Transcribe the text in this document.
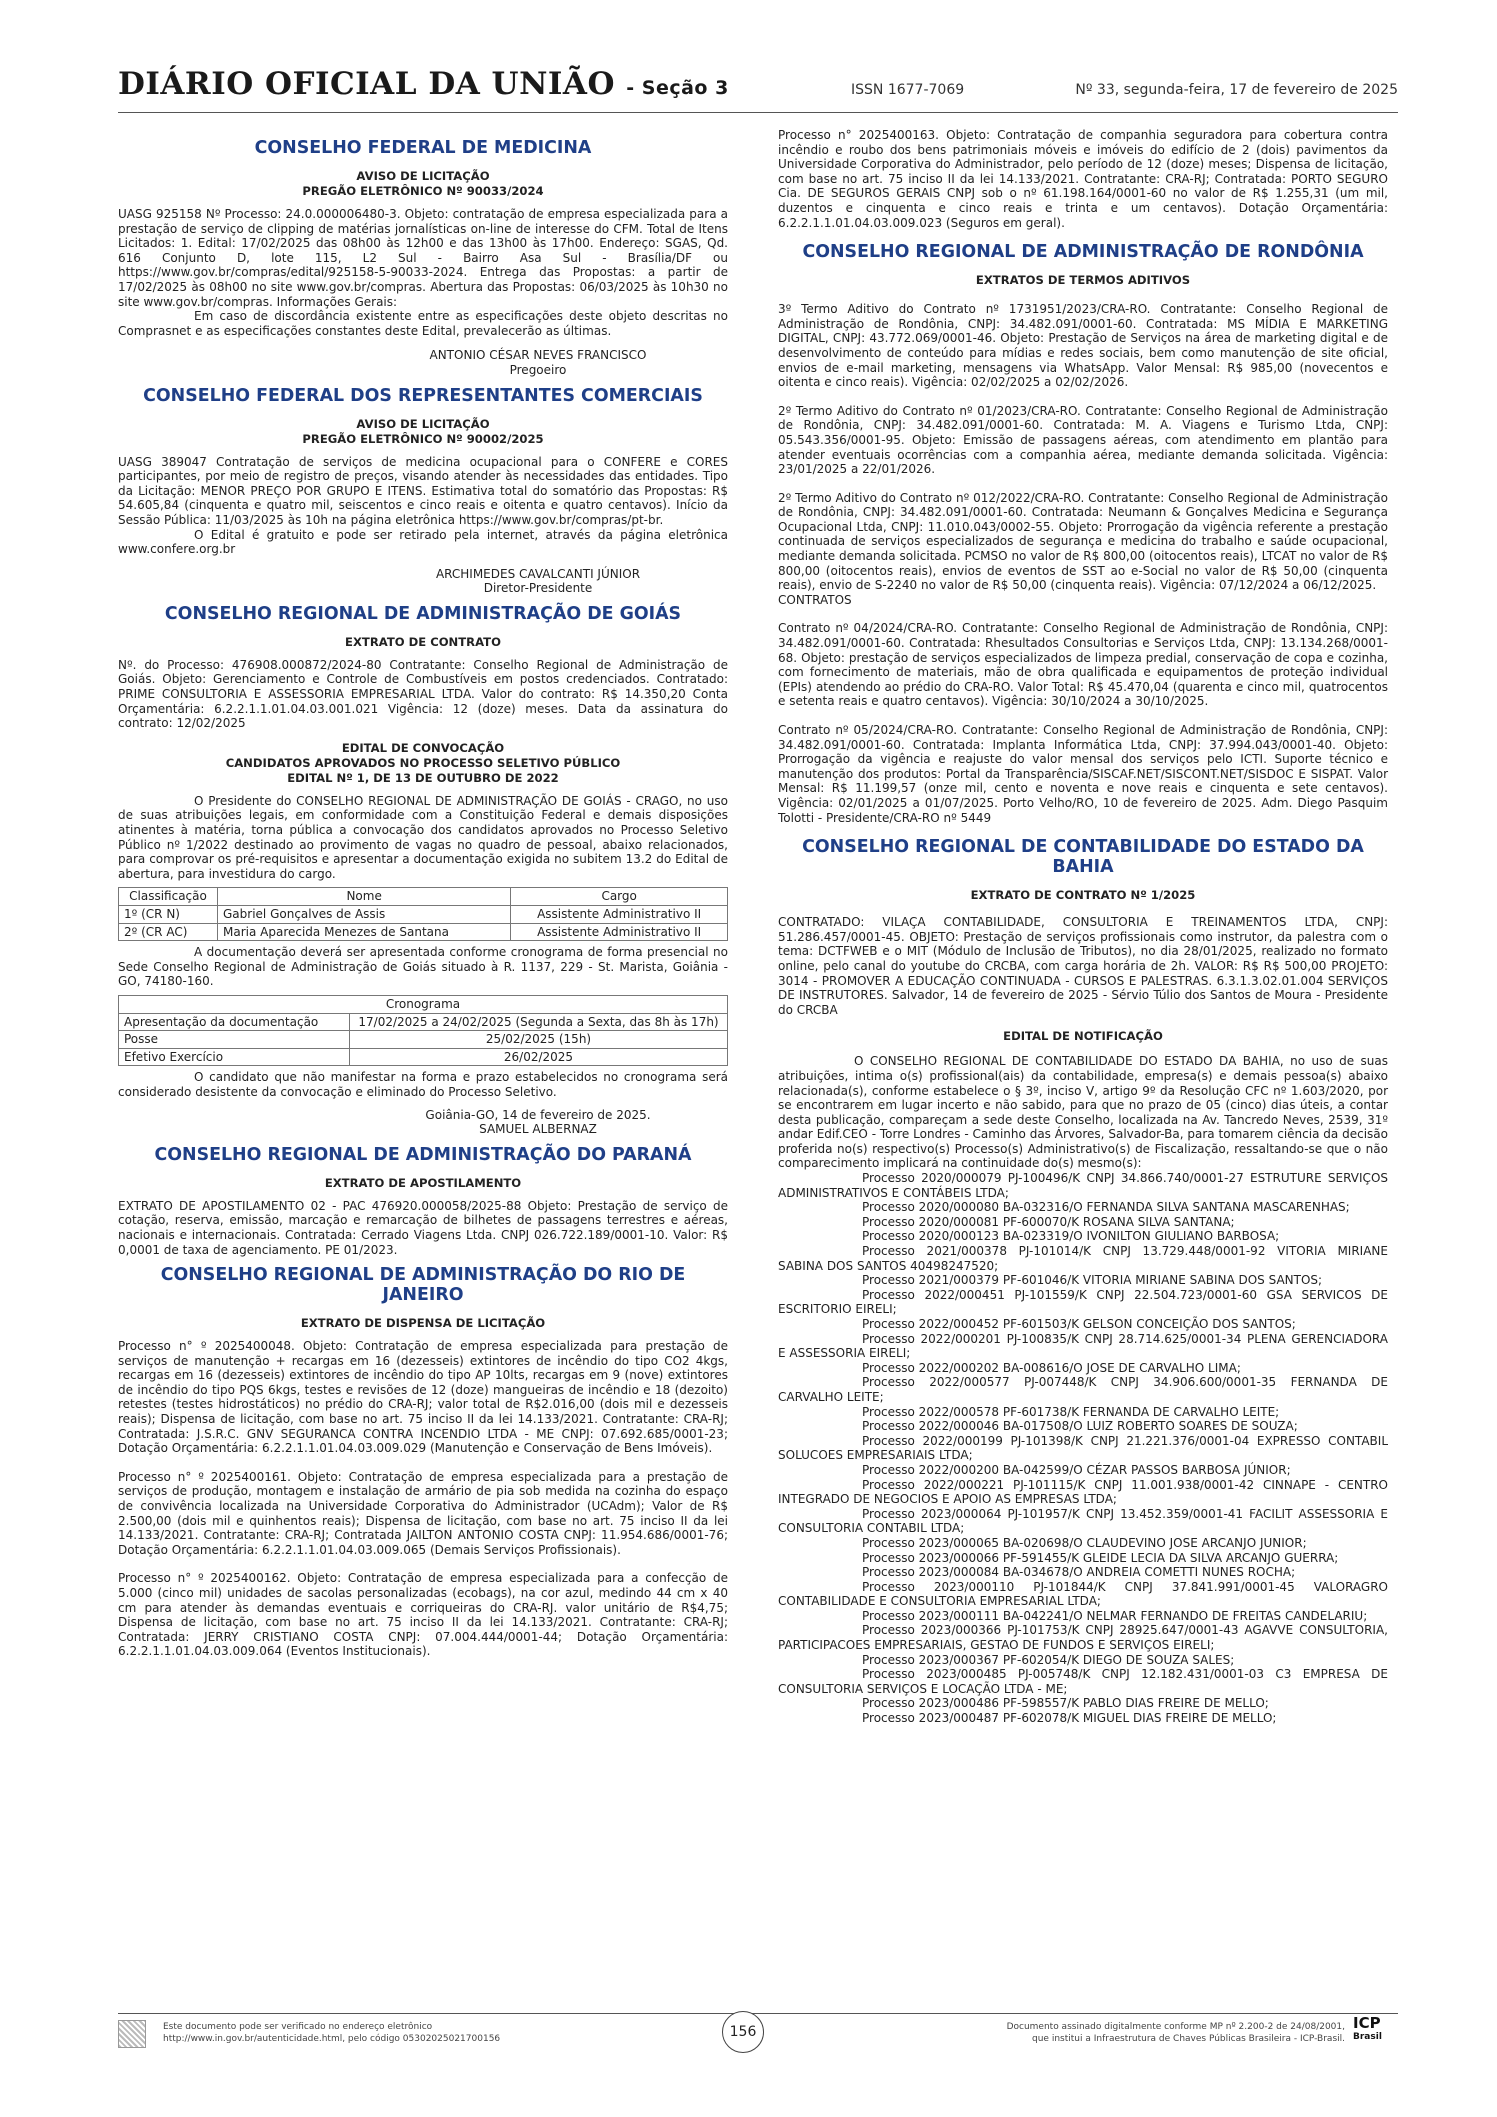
DIÁRIO OFICIAL DA UNIÃO - Seção 3	ISSN 1677-7069	Nº 33, segunda-feira, 17 de fevereiro de 2025
CONSELHO FEDERAL DE MEDICINA
AVISO DE LICITAÇÃO
PREGÃO ELETRÔNICO Nº 90033/2024

UASG 925158 Nº Processo: 24.0.000006480-3. Objeto: contratação de empresa especializada para a prestação de serviço de clipping de matérias jornalísticas on-line de interesse do CFM. Total de Itens Licitados: 1. Edital: 17/02/2025 das 08h00 às 12h00 e das 13h00 às 17h00. Endereço: SGAS, Qd. 616 Conjunto D, lote 115, L2 Sul - Bairro Asa Sul - Brasília/DF ou https://www.gov.br/compras/edital/925158-5-90033-2024. Entrega das Propostas: a partir de 17/02/2025 às 08h00 no site www.gov.br/compras. Abertura das Propostas: 06/03/2025 às 10h30 no site www.gov.br/compras. Informações Gerais:

Em caso de discordância existente entre as especificações deste objeto descritas no Comprasnet e as especificações constantes deste Edital, prevalecerão as últimas.

ANTONIO CÉSAR NEVES FRANCISCO
Pregoeiro
CONSELHO FEDERAL DOS REPRESENTANTES COMERCIAIS
AVISO DE LICITAÇÃO
PREGÃO ELETRÔNICO Nº 90002/2025

UASG 389047 Contratação de serviços de medicina ocupacional para o CONFERE e CORES participantes, por meio de registro de preços, visando atender às necessidades das entidades. Tipo da Licitação: MENOR PREÇO POR GRUPO E ITENS. Estimativa total do somatório das Propostas: R$ 54.605,84 (cinquenta e quatro mil, seiscentos e cinco reais e oitenta e quatro centavos). Início da Sessão Pública: 11/03/2025 às 10h na página eletrônica https://www.gov.br/compras/pt-br.

O Edital é gratuito e pode ser retirado pela internet, através da página eletrônica www.confere.org.br

ARCHIMEDES CAVALCANTI JÚNIOR
Diretor-Presidente
CONSELHO REGIONAL DE ADMINISTRAÇÃO DE GOIÁS
EXTRATO DE CONTRATO

Nº. do Processo: 476908.000872/2024-80 Contratante: Conselho Regional de Administração de Goiás. Objeto: Gerenciamento e Controle de Combustíveis em postos credenciados. Contratado: PRIME CONSULTORIA E ASSESSORIA EMPRESARIAL LTDA. Valor do contrato: R$ 14.350,20 Conta Orçamentária: 6.2.2.1.1.01.04.03.001.021 Vigência: 12 (doze) meses. Data da assinatura do contrato: 12/02/2025

EDITAL DE CONVOCAÇÃO
CANDIDATOS APROVADOS NO PROCESSO SELETIVO PÚBLICO
EDITAL Nº 1, DE 13 DE OUTUBRO DE 2022

O Presidente do CONSELHO REGIONAL DE ADMINISTRAÇÃO DE GOIÁS - CRAGO, no uso de suas atribuições legais, em conformidade com a Constituição Federal e demais disposições atinentes à matéria, torna pública a convocação dos candidatos aprovados no Processo Seletivo Público nº 1/2022 destinado ao provimento de vagas no quadro de pessoal, abaixo relacionados, para comprovar os pré-requisitos e apresentar a documentação exigida no subitem 13.2 do Edital de abertura, para investidura do cargo.

Classificação	Nome	Cargo
1º (CR N)	Gabriel Gonçalves de Assis	Assistente Administrativo II
2º (CR AC)	Maria Aparecida Menezes de Santana	Assistente Administrativo II

A documentação deverá ser apresentada conforme cronograma de forma presencial no Sede Conselho Regional de Administração de Goiás situado à R. 1137, 229 - St. Marista, Goiânia - GO, 74180-160.

Cronograma	
Apresentação da documentação	17/02/2025 a 24/02/2025 (Segunda a Sexta, das 8h às 17h)
Posse	25/02/2025 (15h)
Efetivo Exercício	26/02/2025

O candidato que não manifestar na forma e prazo estabelecidos no cronograma será considerado desistente da convocação e eliminado do Processo Seletivo.

Goiânia-GO, 14 de fevereiro de 2025.
SAMUEL ALBERNAZ
CONSELHO REGIONAL DE ADMINISTRAÇÃO DO PARANÁ
EXTRATO DE APOSTILAMENTO

EXTRATO DE APOSTILAMENTO 02 - PAC 476920.000058/2025-88 Objeto: Prestação de serviço de cotação, reserva, emissão, marcação e remarcação de bilhetes de passagens terrestres e aéreas, nacionais e internacionais. Contratada: Cerrado Viagens Ltda. CNPJ 026.722.189/0001-10. Valor: R$ 0,0001 de taxa de agenciamento. PE 01/2023.

CONSELHO REGIONAL DE ADMINISTRAÇÃO DO RIO DE JANEIRO
EXTRATO DE DISPENSA DE LICITAÇÃO

Processo n° º 2025400048. Objeto: Contratação de empresa especializada para prestação de serviços de manutenção + recargas em 16 (dezesseis) extintores de incêndio do tipo CO2 4kgs, recargas em 16 (dezesseis) extintores de incêndio do tipo AP 10lts, recargas em 9 (nove) extintores de incêndio do tipo PQS 6kgs, testes e revisões de 12 (doze) mangueiras de incêndio e 18 (dezoito) retestes (testes hidrostáticos) no prédio do CRA-RJ; valor total de R$2.016,00 (dois mil e dezesseis reais); Dispensa de licitação, com base no art. 75 inciso II da lei 14.133/2021. Contratante: CRA-RJ; Contratada: J.S.R.C. GNV SEGURANCA CONTRA INCENDIO LTDA - ME CNPJ: 07.692.685/0001-23; Dotação Orçamentária: 6.2.2.1.1.01.04.03.009.029 (Manutenção e Conservação de Bens Imóveis).

Processo n° º 2025400161. Objeto: Contratação de empresa especializada para a prestação de serviços de produção, montagem e instalação de armário de pia sob medida na cozinha do espaço de convivência localizada na Universidade Corporativa do Administrador (UCAdm); Valor de R$ 2.500,00 (dois mil e quinhentos reais); Dispensa de licitação, com base no art. 75 inciso II da lei 14.133/2021. Contratante: CRA-RJ; Contratada JAILTON ANTONIO COSTA CNPJ: 11.954.686/0001-76; Dotação Orçamentária: 6.2.2.1.1.01.04.03.009.065 (Demais Serviços Profissionais).

Processo n° º 2025400162. Objeto: Contratação de empresa especializada para a confecção de 5.000 (cinco mil) unidades de sacolas personalizadas (ecobags), na cor azul, medindo 44 cm x 40 cm para atender às demandas eventuais e corriqueiras do CRA-RJ. valor unitário de R$4,75; Dispensa de licitação, com base no art. 75 inciso II da lei 14.133/2021. Contratante: CRA-RJ; Contratada: JERRY CRISTIANO COSTA CNPJ: 07.004.444/0001-44; Dotação Orçamentária: 6.2.2.1.1.01.04.03.009.064 (Eventos Institucionais).

Processo n° 2025400163. Objeto: Contratação de companhia seguradora para cobertura contra incêndio e roubo dos bens patrimoniais móveis e imóveis do edifício de 2 (dois) pavimentos da Universidade Corporativa do Administrador, pelo período de 12 (doze) meses; Dispensa de licitação, com base no art. 75 inciso II da lei 14.133/2021. Contratante: CRA-RJ; Contratada: PORTO SEGURO Cia. DE SEGUROS GERAIS CNPJ sob o nº 61.198.164/0001-60 no valor de R$ 1.255,31 (um mil, duzentos e cinquenta e cinco reais e trinta e um centavos). Dotação Orçamentária: 6.2.2.1.1.01.04.03.009.023 (Seguros em geral).

CONSELHO REGIONAL DE ADMINISTRAÇÃO DE RONDÔNIA
EXTRATOS DE TERMOS ADITIVOS

3º Termo Aditivo do Contrato nº 1731951/2023/CRA-RO. Contratante: Conselho Regional de Administração de Rondônia, CNPJ: 34.482.091/0001-60. Contratada: MS MÍDIA E MARKETING DIGITAL, CNPJ: 43.772.069/0001-46. Objeto: Prestação de Serviços na área de marketing digital e de desenvolvimento de conteúdo para mídias e redes sociais, bem como manutenção de site oficial, envios de e-mail marketing, mensagens via WhatsApp. Valor Mensal: R$ 985,00 (novecentos e oitenta e cinco reais). Vigência: 02/02/2025 a 02/02/2026.

2º Termo Aditivo do Contrato nº 01/2023/CRA-RO. Contratante: Conselho Regional de Administração de Rondônia, CNPJ: 34.482.091/0001-60. Contratada: M. A. Viagens e Turismo Ltda, CNPJ: 05.543.356/0001-95. Objeto: Emissão de passagens aéreas, com atendimento em plantão para atender eventuais ocorrências com a companhia aérea, mediante demanda solicitada. Vigência: 23/01/2025 a 22/01/2026.

2º Termo Aditivo do Contrato nº 012/2022/CRA-RO. Contratante: Conselho Regional de Administração de Rondônia, CNPJ: 34.482.091/0001-60. Contratada: Neumann & Gonçalves Medicina e Segurança Ocupacional Ltda, CNPJ: 11.010.043/0002-55. Objeto: Prorrogação da vigência referente a prestação continuada de serviços especializados de segurança e medicina do trabalho e saúde ocupacional, mediante demanda solicitada. PCMSO no valor de R$ 800,00 (oitocentos reais), LTCAT no valor de R$ 800,00 (oitocentos reais), envios de eventos de SST ao e-Social no valor de R$ 50,00 (cinquenta reais), envio de S-2240 no valor de R$ 50,00 (cinquenta reais). Vigência: 07/12/2024 a 06/12/2025.

CONTRATOS

Contrato nº 04/2024/CRA-RO. Contratante: Conselho Regional de Administração de Rondônia, CNPJ: 34.482.091/0001-60. Contratada: Rhesultados Consultorias e Serviços Ltda, CNPJ: 13.134.268/0001-68. Objeto: prestação de serviços especializados de limpeza predial, conservação de copa e cozinha, com fornecimento de materiais, mão de obra qualificada e equipamentos de proteção individual (EPIs) atendendo ao prédio do CRA-RO. Valor Total: R$ 45.470,04 (quarenta e cinco mil, quatrocentos e setenta reais e quatro centavos). Vigência: 30/10/2024 a 30/10/2025.

Contrato nº 05/2024/CRA-RO. Contratante: Conselho Regional de Administração de Rondônia, CNPJ: 34.482.091/0001-60. Contratada: Implanta Informática Ltda, CNPJ: 37.994.043/0001-40. Objeto: Prorrogação da vigência e reajuste do valor mensal dos serviços pelo ICTI. Suporte técnico e manutenção dos produtos: Portal da Transparência/SISCAF.NET/SISCONT.NET/SISDOC E SISPAT. Valor Mensal: R$ 11.199,57 (onze mil, cento e noventa e nove reais e cinquenta e sete centavos). Vigência: 02/01/2025 a 01/07/2025. Porto Velho/RO, 10 de fevereiro de 2025. Adm. Diego Pasquim Tolotti - Presidente/CRA-RO nº 5449

CONSELHO REGIONAL DE CONTABILIDADE DO ESTADO DA BAHIA
EXTRATO DE CONTRATO Nº 1/2025

CONTRATADO: VILAÇA CONTABILIDADE, CONSULTORIA E TREINAMENTOS LTDA, CNPJ: 51.286.457/0001-45. OBJETO: Prestação de serviços profissionais como instrutor, da palestra com o tema: DCTFWEB e o MIT (Módulo de Inclusão de Tributos), no dia 28/01/2025, realizado no formato online, pelo canal do youtube do CRCBA, com carga horária de 2h. VALOR: R$ R$ 500,00 PROJETO: 3014 - PROMOVER A EDUCAÇÃO CONTINUADA - CURSOS E PALESTRAS. 6.3.1.3.02.01.004 SERVIÇOS DE INSTRUTORES. Salvador, 14 de fevereiro de 2025 - Sérvio Túlio dos Santos de Moura - Presidente do CRCBA

EDITAL DE NOTIFICAÇÃO

O CONSELHO REGIONAL DE CONTABILIDADE DO ESTADO DA BAHIA, no uso de suas atribuições, intima o(s) profissional(ais) da contabilidade, empresa(s) e demais pessoa(s) abaixo relacionada(s), conforme estabelece o § 3º, inciso V, artigo 9º da Resolução CFC nº 1.603/2020, por se encontrarem em lugar incerto e não sabido, para que no prazo de 05 (cinco) dias úteis, a contar desta publicação, compareçam a sede deste Conselho, localizada na Av. Tancredo Neves, 2539, 31º andar Edif.CEO - Torre Londres - Caminho das Árvores, Salvador-Ba, para tomarem ciência da decisão proferida no(s) respectivo(s) Processo(s) Administrativo(s) de Fiscalização, ressaltando-se que o não comparecimento implicará na continuidade do(s) mesmo(s):

Processo 2020/000079 PJ-100496/K CNPJ 34.866.740/0001-27 ESTRUTURE SERVIÇOS ADMINISTRATIVOS E CONTÁBEIS LTDA;

Processo 2020/000080 BA-032316/O FERNANDA SILVA SANTANA MASCARENHAS;

Processo 2020/000081 PF-600070/K ROSANA SILVA SANTANA;

Processo 2020/000123 BA-023319/O IVONILTON GIULIANO BARBOSA;

Processo 2021/000378 PJ-101014/K CNPJ 13.729.448/0001-92 VITORIA MIRIANE SABINA DOS SANTOS 40498247520;

Processo 2021/000379 PF-601046/K VITORIA MIRIANE SABINA DOS SANTOS;

Processo 2022/000451 PJ-101559/K CNPJ 22.504.723/0001-60 GSA SERVICOS DE ESCRITORIO EIRELI;

Processo 2022/000452 PF-601503/K GELSON CONCEIÇÃO DOS SANTOS;

Processo 2022/000201 PJ-100835/K CNPJ 28.714.625/0001-34 PLENA GERENCIADORA E ASSESSORIA EIRELI;

Processo 2022/000202 BA-008616/O JOSE DE CARVALHO LIMA;

Processo 2022/000577 PJ-007448/K CNPJ 34.906.600/0001-35 FERNANDA DE CARVALHO LEITE;

Processo 2022/000578 PF-601738/K FERNANDA DE CARVALHO LEITE;

Processo 2022/000046 BA-017508/O LUIZ ROBERTO SOARES DE SOUZA;

Processo 2022/000199 PJ-101398/K CNPJ 21.221.376/0001-04 EXPRESSO CONTABIL SOLUCOES EMPRESARIAIS LTDA;

Processo 2022/000200 BA-042599/O CÉZAR PASSOS BARBOSA JÚNIOR;

Processo 2022/000221 PJ-101115/K CNPJ 11.001.938/0001-42 CINNAPE - CENTRO INTEGRADO DE NEGOCIOS E APOIO AS EMPRESAS LTDA;

Processo 2023/000064 PJ-101957/K CNPJ 13.452.359/0001-41 FACILIT ASSESSORIA E CONSULTORIA CONTABIL LTDA;

Processo 2023/000065 BA-020698/O CLAUDEVINO JOSE ARCANJO JUNIOR;

Processo 2023/000066 PF-591455/K GLEIDE LECIA DA SILVA ARCANJO GUERRA;

Processo 2023/000084 BA-034678/O ANDREIA COMETTI NUNES ROCHA;

Processo 2023/000110 PJ-101844/K CNPJ 37.841.991/0001-45 VALORAGRO CONTABILIDADE E CONSULTORIA EMPRESARIAL LTDA;

Processo 2023/000111 BA-042241/O NELMAR FERNANDO DE FREITAS CANDELARIU;

Processo 2023/000366 PJ-101753/K CNPJ 28925.647/0001-43 AGAVVE CONSULTORIA, PARTICIPACOES EMPRESARIAIS, GESTAO DE FUNDOS E SERVIÇOS EIRELI;

Processo 2023/000367 PF-602054/K DIEGO DE SOUZA SALES;

Processo 2023/000485 PJ-005748/K CNPJ 12.182.431/0001-03 C3 EMPRESA DE CONSULTORIA SERVIÇOS E LOCAÇÃO LTDA - ME;

Processo 2023/000486 PF-598557/K PABLO DIAS FREIRE DE MELLO;

Processo 2023/000487 PF-602078/K MIGUEL DIAS FREIRE DE MELLO;

Este documento pode ser verificado no endereço eletrônico
http://www.in.gov.br/autenticidade.html, pelo código 05302025021700156	156	Documento assinado digitalmente conforme MP nº 2.200-2 de 24/08/2001,
que institui a Infraestrutura de Chaves Públicas Brasileira - ICP-Brasil.
ICP
Brasil
